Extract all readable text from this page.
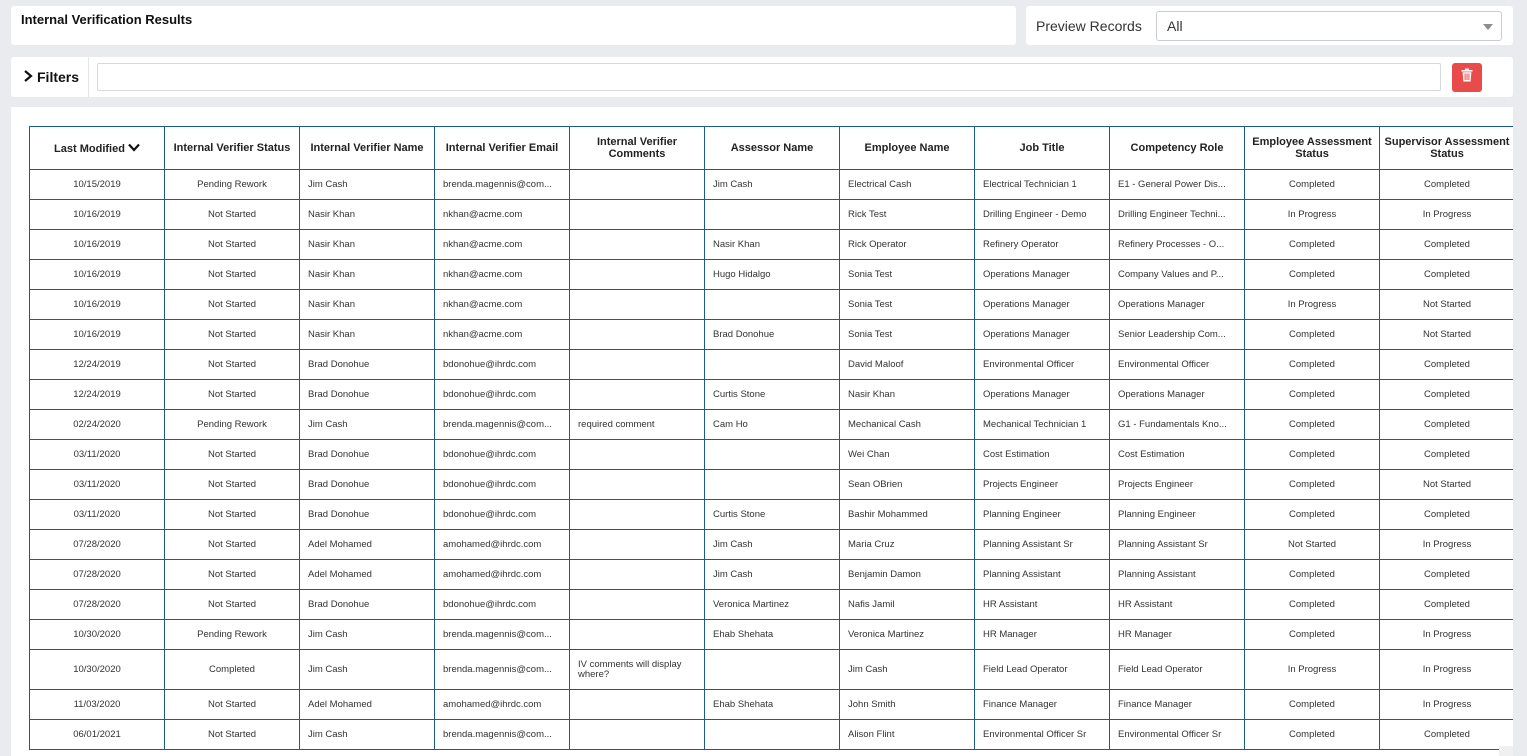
Internal Verification Results	Preview Records All
Filters
Last Modified	Internal Verifier Status	Internal Verifier Name	Internal Verifier Email	Internal Verifier Comments	Assessor Name	Employee Name	Job Title	Competency Role	Employee Assessment Status	Supervisor Assessment Status
10/15/2019	Pending Rework	Jim Cash	brenda.magennis@com...		Jim Cash	Electrical Cash	Electrical Technician 1	E1 - General Power Dis...	Completed	Completed
10/16/2019	Not Started	Nasir Khan	nkhan@acme.com			Rick Test	Drilling Engineer - Demo	Drilling Engineer Techni...	In Progress	In Progress
10/16/2019	Not Started	Nasir Khan	nkhan@acme.com		Nasir Khan	Rick Operator	Refinery Operator	Refinery Processes - O...	Completed	Completed
10/16/2019	Not Started	Nasir Khan	nkhan@acme.com		Hugo Hidalgo	Sonia Test	Operations Manager	Company Values and P...	Completed	Completed
10/16/2019	Not Started	Nasir Khan	nkhan@acme.com			Sonia Test	Operations Manager	Operations Manager	In Progress	Not Started
10/16/2019	Not Started	Nasir Khan	nkhan@acme.com		Brad Donohue	Sonia Test	Operations Manager	Senior Leadership Com...	Completed	Not Started
12/24/2019	Not Started	Brad Donohue	bdonohue@ihrdc.com			David Maloof	Environmental Officer	Environmental Officer	Completed	Completed
12/24/2019	Not Started	Brad Donohue	bdonohue@ihrdc.com		Curtis Stone	Nasir Khan	Operations Manager	Operations Manager	Completed	Completed
02/24/2020	Pending Rework	Jim Cash	brenda.magennis@com...	required comment	Cam Ho	Mechanical Cash	Mechanical Technician 1	G1 - Fundamentals Kno...	Completed	Completed
03/11/2020	Not Started	Brad Donohue	bdonohue@ihrdc.com			Wei Chan	Cost Estimation	Cost Estimation	Completed	Completed
03/11/2020	Not Started	Brad Donohue	bdonohue@ihrdc.com			Sean OBrien	Projects Engineer	Projects Engineer	Completed	Not Started
03/11/2020	Not Started	Brad Donohue	bdonohue@ihrdc.com		Curtis Stone	Bashir Mohammed	Planning Engineer	Planning Engineer	Completed	Completed
07/28/2020	Not Started	Adel Mohamed	amohamed@ihrdc.com		Jim Cash	Maria Cruz	Planning Assistant Sr	Planning Assistant Sr	Not Started	In Progress
07/28/2020	Not Started	Adel Mohamed	amohamed@ihrdc.com		Jim Cash	Benjamin Damon	Planning Assistant	Planning Assistant	Completed	Completed
07/28/2020	Not Started	Brad Donohue	bdonohue@ihrdc.com		Veronica Martinez	Nafis Jamil	HR Assistant	HR Assistant	Completed	Completed
10/30/2020	Pending Rework	Jim Cash	brenda.magennis@com...		Ehab Shehata	Veronica Martinez	HR Manager	HR Manager	Completed	In Progress
10/30/2020	Completed	Jim Cash	brenda.magennis@com...	IV comments will display where?		Jim Cash	Field Lead Operator	Field Lead Operator	In Progress	In Progress
11/03/2020	Not Started	Adel Mohamed	amohamed@ihrdc.com		Ehab Shehata	John Smith	Finance Manager	Finance Manager	Completed	In Progress
06/01/2021	Not Started	Jim Cash	brenda.magennis@com...			Alison Flint	Environmental Officer Sr	Environmental Officer Sr	Completed	Completed
